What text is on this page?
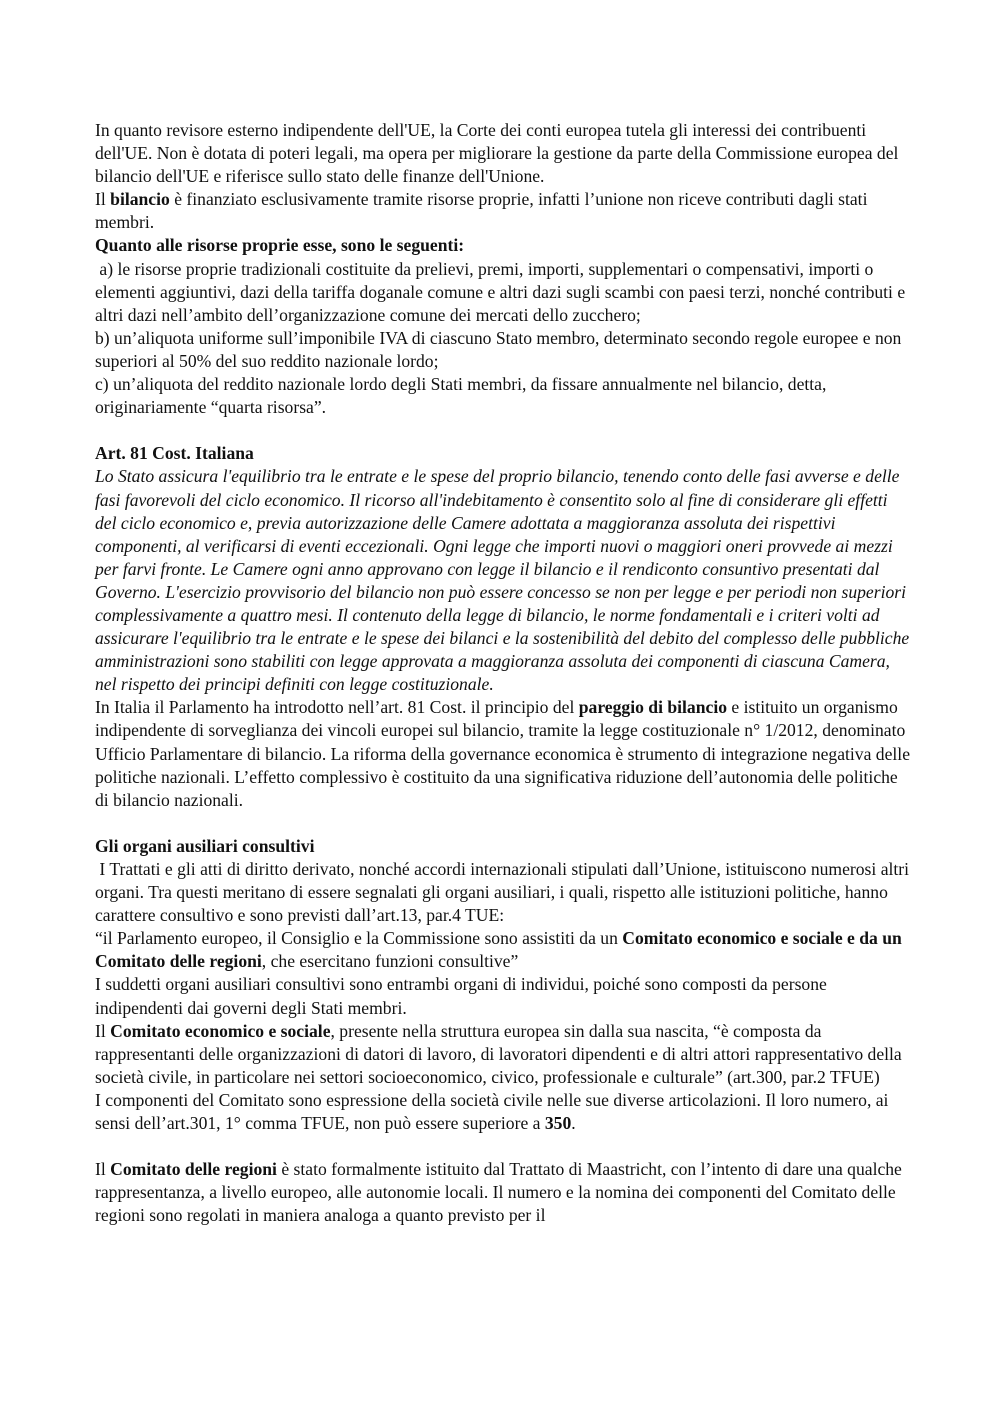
In quanto revisore esterno indipendente dell'UE, la Corte dei conti europea tutela gli interessi dei contribuenti dell'UE. Non è dotata di poteri legali, ma opera per migliorare la gestione da parte della Commissione europea del bilancio dell'UE e riferisce sullo stato delle finanze dell'Unione.

Il bilancio è finanziato esclusivamente tramite risorse proprie, infatti l’unione non riceve contributi dagli stati membri.

Quanto alle risorse proprie esse, sono le seguenti:

a) le risorse proprie tradizionali costituite da prelievi, premi, importi, supplementari o compensativi, importi o elementi aggiuntivi, dazi della tariffa doganale comune e altri dazi sugli scambi con paesi terzi, nonché contributi e altri dazi nell’ambito dell’organizzazione comune dei mercati dello zucchero;

b) un’aliquota uniforme sull’imponibile IVA di ciascuno Stato membro, determinato secondo regole europee e non superiori al 50% del suo reddito nazionale lordo;

c) un’aliquota del reddito nazionale lordo degli Stati membri, da fissare annualmente nel bilancio, detta, originariamente “quarta risorsa”.

Art. 81 Cost. Italiana

Lo Stato assicura l'equilibrio tra le entrate e le spese del proprio bilancio, tenendo conto delle fasi avverse e delle fasi favorevoli del ciclo economico. Il ricorso all'indebitamento è consentito solo al fine di considerare gli effetti del ciclo economico e, previa autorizzazione delle Camere adottata a maggioranza assoluta dei rispettivi componenti, al verificarsi di eventi eccezionali. Ogni legge che importi nuovi o maggiori oneri provvede ai mezzi per farvi fronte. Le Camere ogni anno approvano con legge il bilancio e il rendiconto consuntivo presentati dal Governo. L'esercizio provvisorio del bilancio non può essere concesso se non per legge e per periodi non superiori complessivamente a quattro mesi. Il contenuto della legge di bilancio, le norme fondamentali e i criteri volti ad assicurare l'equilibrio tra le entrate e le spese dei bilanci e la sostenibilità del debito del complesso delle pubbliche amministrazioni sono stabiliti con legge approvata a maggioranza assoluta dei componenti di ciascuna Camera, nel rispetto dei principi definiti con legge costituzionale.

In Italia il Parlamento ha introdotto nell’art. 81 Cost. il principio del pareggio di bilancio e istituito un organismo indipendente di sorveglianza dei vincoli europei sul bilancio, tramite la legge costituzionale n° 1/2012, denominato Ufficio Parlamentare di bilancio. La riforma della governance economica è strumento di integrazione negativa delle politiche nazionali. L’effetto complessivo è costituito da una significativa riduzione dell’autonomia delle politiche di bilancio nazionali.

Gli organi ausiliari consultivi

I Trattati e gli atti di diritto derivato, nonché accordi internazionali stipulati dall’Unione, istituiscono numerosi altri organi. Tra questi meritano di essere segnalati gli organi ausiliari, i quali, rispetto alle istituzioni politiche, hanno carattere consultivo e sono previsti dall’art.13, par.4 TUE:

“il Parlamento europeo, il Consiglio e la Commissione sono assistiti da un Comitato economico e sociale e da un Comitato delle regioni, che esercitano funzioni consultive”

I suddetti organi ausiliari consultivi sono entrambi organi di individui, poiché sono composti da persone indipendenti dai governi degli Stati membri.

Il Comitato economico e sociale, presente nella struttura europea sin dalla sua nascita, “è composta da rappresentanti delle organizzazioni di datori di lavoro, di lavoratori dipendenti e di altri attori rappresentativo della società civile, in particolare nei settori socioeconomico, civico, professionale e culturale” (art.300, par.2 TFUE)

I componenti del Comitato sono espressione della società civile nelle sue diverse articolazioni. Il loro numero, ai sensi dell’art.301, 1° comma TFUE, non può essere superiore a 350.

Il Comitato delle regioni è stato formalmente istituito dal Trattato di Maastricht, con l’intento di dare una qualche rappresentanza, a livello europeo, alle autonomie locali. Il numero e la nomina dei componenti del Comitato delle regioni sono regolati in maniera analoga a quanto previsto per il
